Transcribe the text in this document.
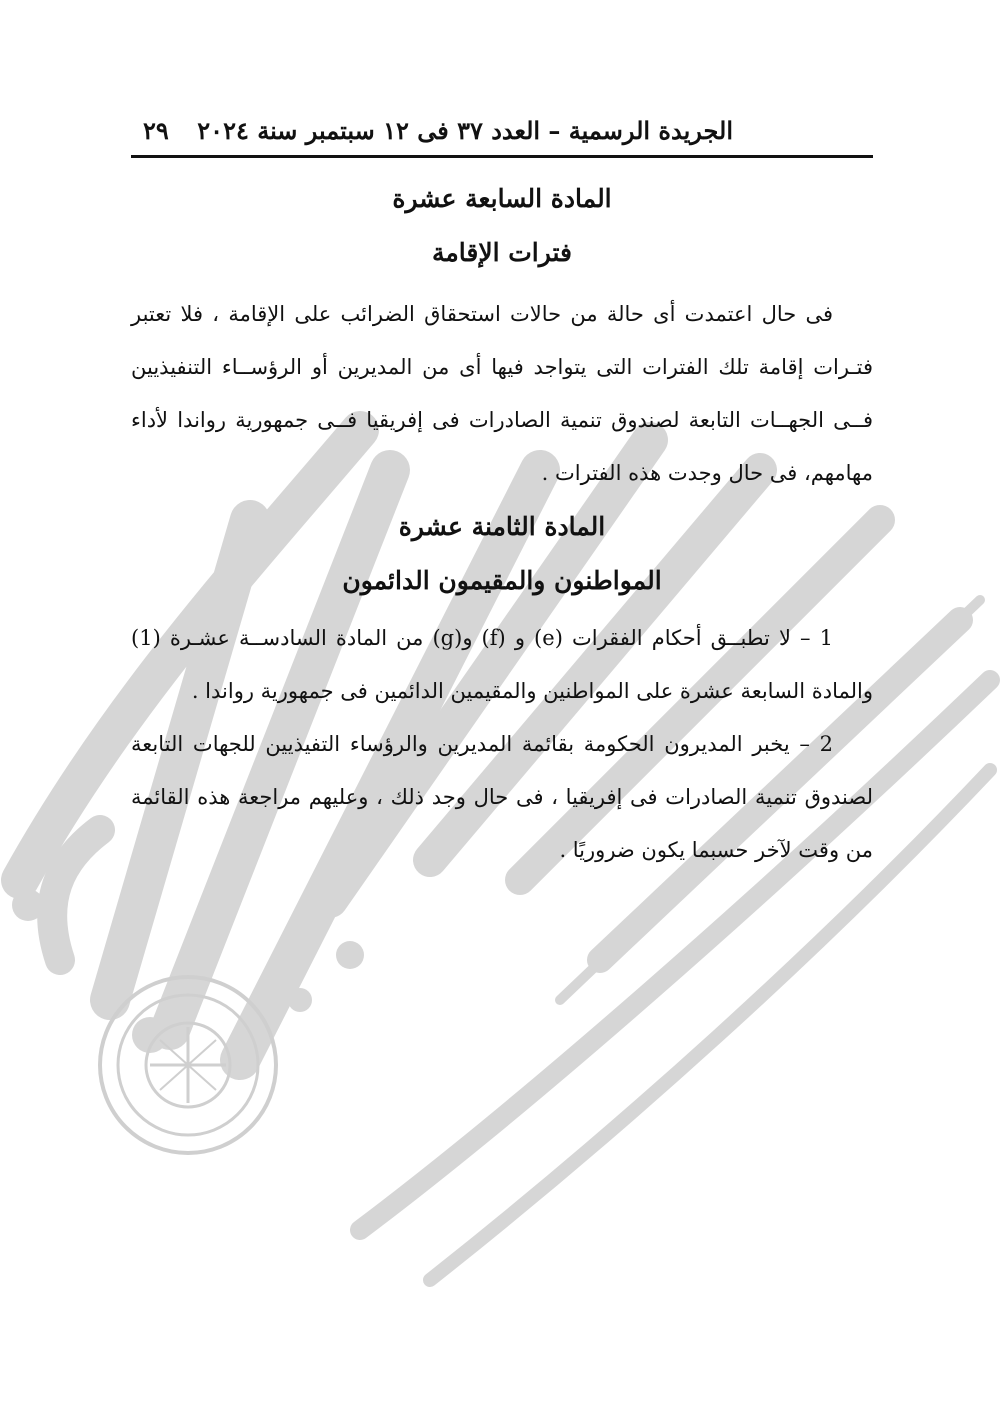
الجريدة الرسمية – العدد ٣٧ فى ١٢ سبتمبر سنة ٢٠٢٤
٢٩
المادة السابعة عشرة
فترات الإقامة

فى حال اعتمدت أى حالة من حالات استحقاق الضرائب على الإقامة ، فلا تعتبر فتـرات إقامة تلك الفترات التى يتواجد فيها أى من المديرين أو الرؤســاء التنفيذيين فــى الجهــات التابعة لصندوق تنمية الصادرات فى إفريقيا فــى جمهورية رواندا لأداء مهامهم، فى حال وجدت هذه الفترات .

المادة الثامنة عشرة
المواطنون والمقيمون الدائمون

1 – لا تطبــق أحكام الفقرات (e) و (f) و(g) من المادة السادســة عشـرة (1) والمادة السابعة عشرة على المواطنين والمقيمين الدائمين فى جمهورية رواندا .

2 – يخبر المديرون الحكومة بقائمة المديرين والرؤساء التفيذيين للجهات التابعة لصندوق تنمية الصادرات فى إفريقيا ، فى حال وجد ذلك ، وعليهم مراجعة هذه القائمة من وقت لآخر حسبما يكون ضروريًا .
